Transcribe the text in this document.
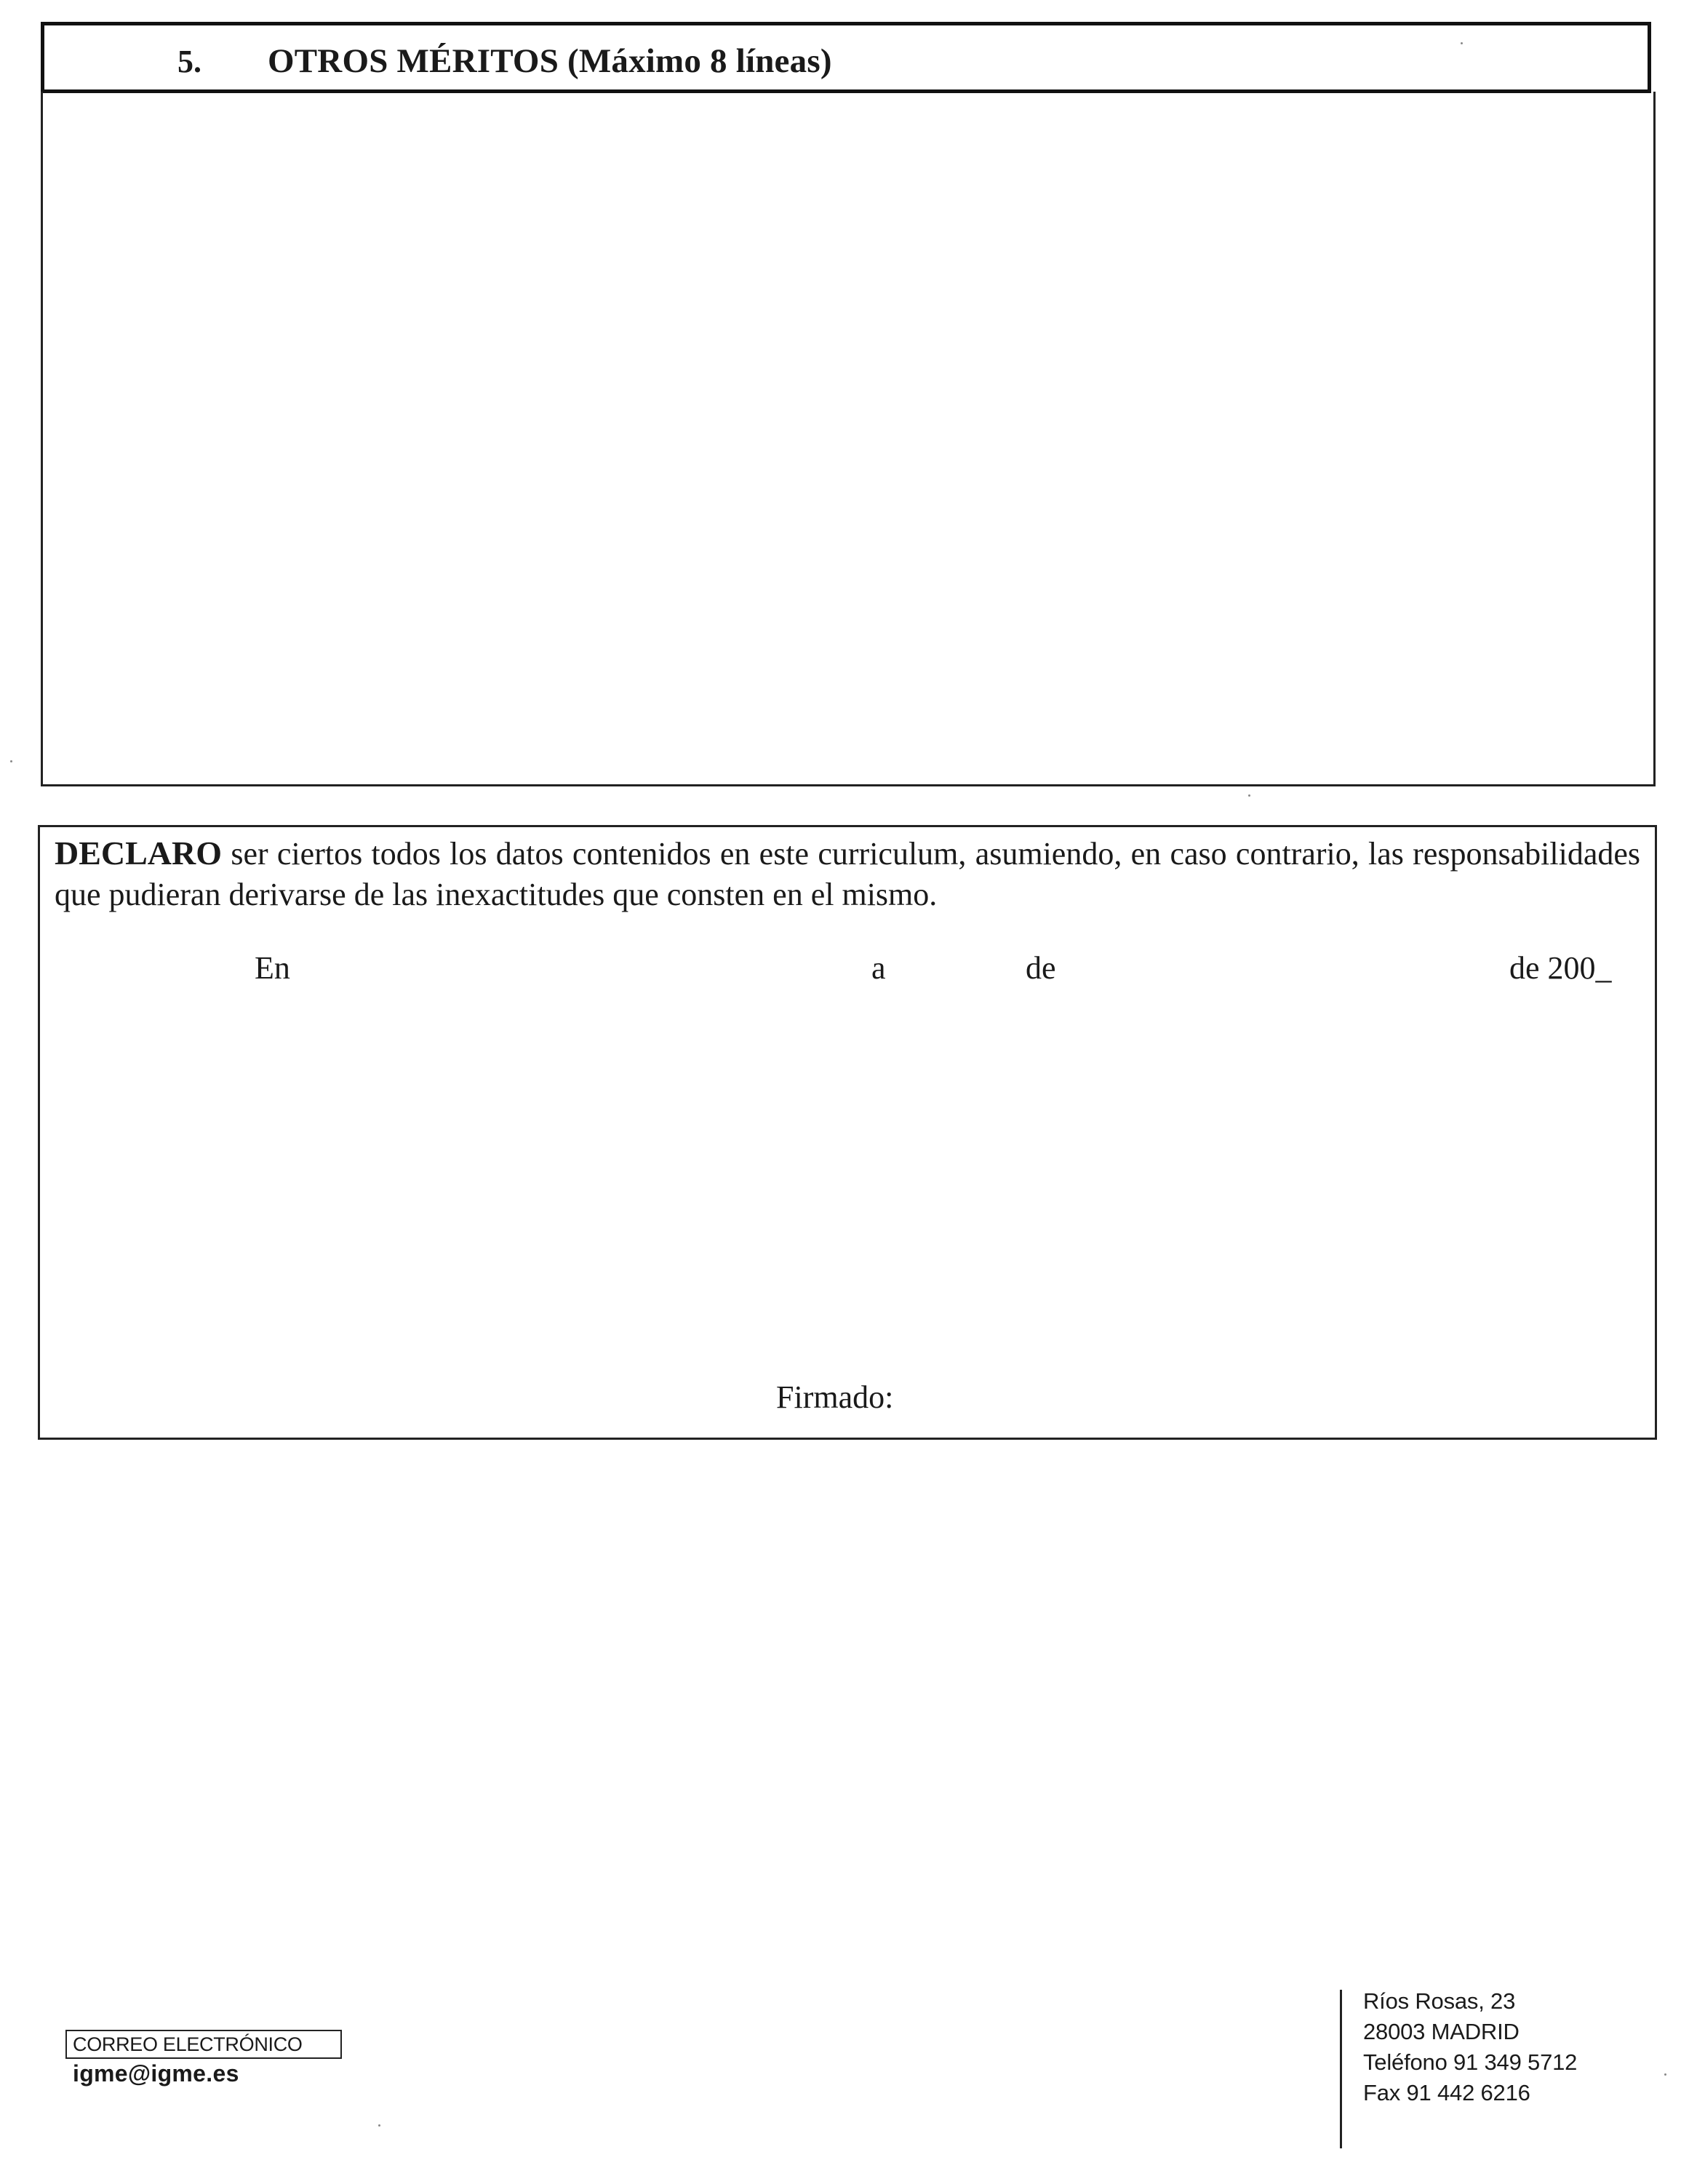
5. OTROS MÉRITOS (Máximo 8 líneas)
DECLARO ser ciertos todos los datos contenidos en este curriculum, asumiendo, en caso contrario, las responsabilidades que pudieran derivarse de las inexactitudes que consten en el mismo.
En	a	de	de 200_
Firmado:
CORREO ELECTRÓNICO
igme@igme.es
Ríos Rosas, 23
28003 MADRID
Teléfono 91 349 5712
Fax 91 442 6216
